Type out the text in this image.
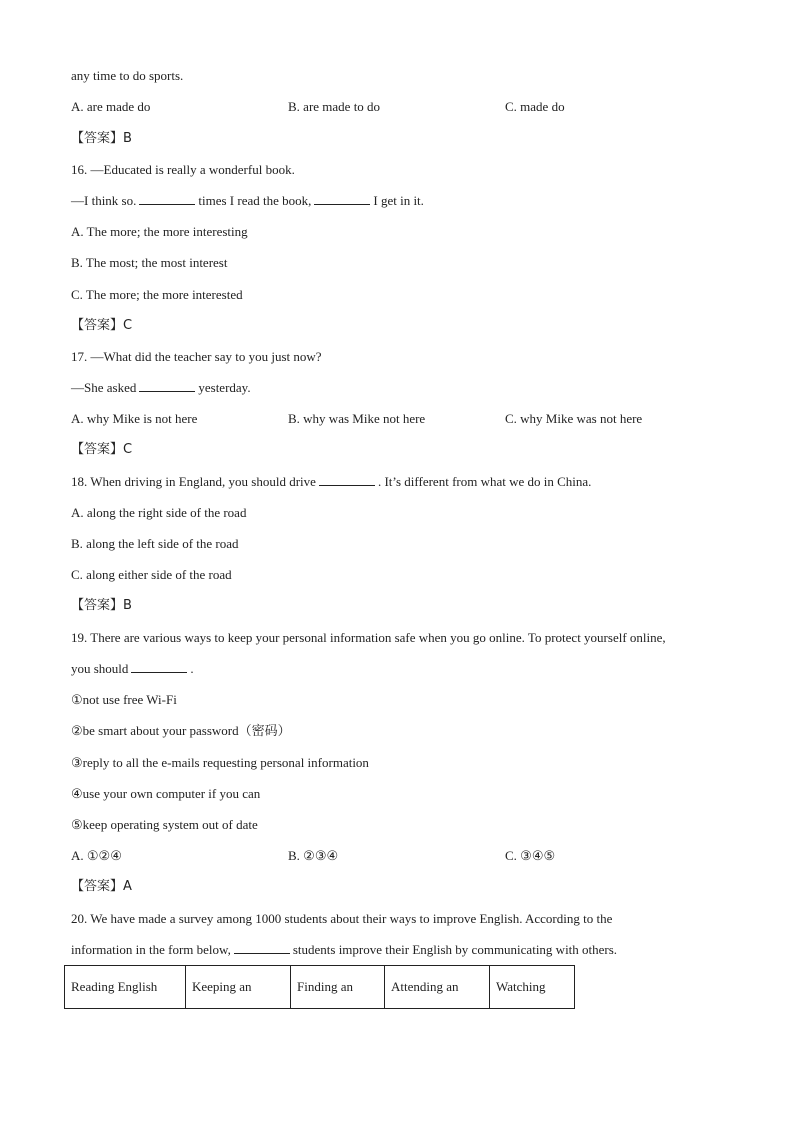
any time to do sports.
A. are made do	B. are made to do	C. made do
【答案】B
16. —Educated is really a wonderful book.
—I think so.	times I read the book,	I get in it.
A. The more; the more interesting
B. The most; the most interest
C. The more; the more interested
【答案】C
17. —What did the teacher say to you just now?
—She asked	yesterday.
A. why Mike is not here	B. why was Mike not here	C. why Mike was not here
【答案】C
18. When driving in England, you should drive	. It’s different from what we do in China.
A. along the right side of the road
B. along the left side of the road
C. along either side of the road
【答案】B
19. There are various ways to keep your personal information safe when you go online. To protect yourself online,
you should	.
①not use free Wi-Fi
②be smart about your password（密码）
③reply to all the e-mails requesting personal information
④use your own computer if you can
⑤keep operating system out of date
A. ①②④	B. ②③④	C. ③④⑤
【答案】A
20. We have made a survey among 1000 students about their ways to improve English. According to the
information in the form below,	students improve their English by communicating with others.
Reading English	Keeping an	Finding an	Attending an	Watching
